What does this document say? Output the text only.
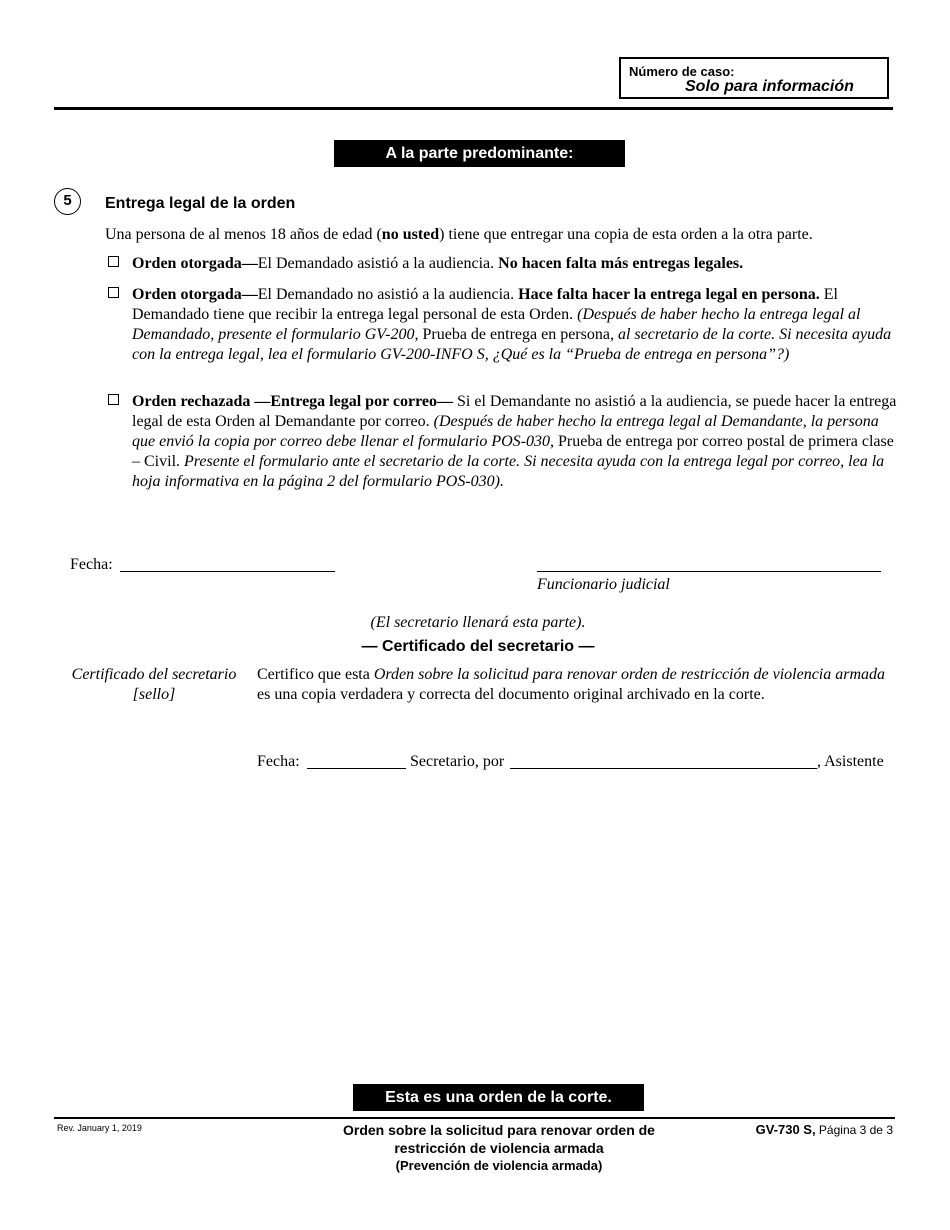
Número de caso:
Solo para información
A la parte predominante:
5	Entrega legal de la orden
Una persona de al menos 18 años de edad (no usted) tiene que entregar una copia de esta orden a la otra parte.
Orden otorgada—El Demandado asistió a la audiencia. No hacen falta más entregas legales.
Orden otorgada—El Demandado no asistió a la audiencia. Hace falta hacer la entrega legal en persona. El Demandado tiene que recibir la entrega legal personal de esta Orden. (Después de haber hecho la entrega legal al Demandado, presente el formulario GV-200, Prueba de entrega en persona, al secretario de la corte. Si necesita ayuda con la entrega legal, lea el formulario GV-200-INFO S, ¿Qué es la “Prueba de entrega en persona”?)
Orden rechazada —Entrega legal por correo— Si el Demandante no asistió a la audiencia, se puede hacer la entrega legal de esta Orden al Demandante por correo. (Después de haber hecho la entrega legal al Demandante, la persona que envió la copia por correo debe llenar el formulario POS-030, Prueba de entrega por correo postal de primera clase – Civil. Presente el formulario ante el secretario de la corte. Si necesita ayuda con la entrega legal por correo, lea la hoja informativa en la página 2 del formulario POS-030).
Fecha:
Funcionario judicial
(El secretario llenará esta parte).
— Certificado del secretario —
Certificado del secretario
[sello]
Certifico que esta Orden sobre la solicitud para renovar orden de restricción de violencia armada es una copia verdadera y correcta del documento original archivado en la corte.
Fecha:	Secretario, por	, Asistente
Esta es una orden de la corte.
Rev. January 1, 2019	Orden sobre la solicitud para renovar orden de
restricción de violencia armada
(Prevención de violencia armada)
GV-730 S, Página 3 de 3
